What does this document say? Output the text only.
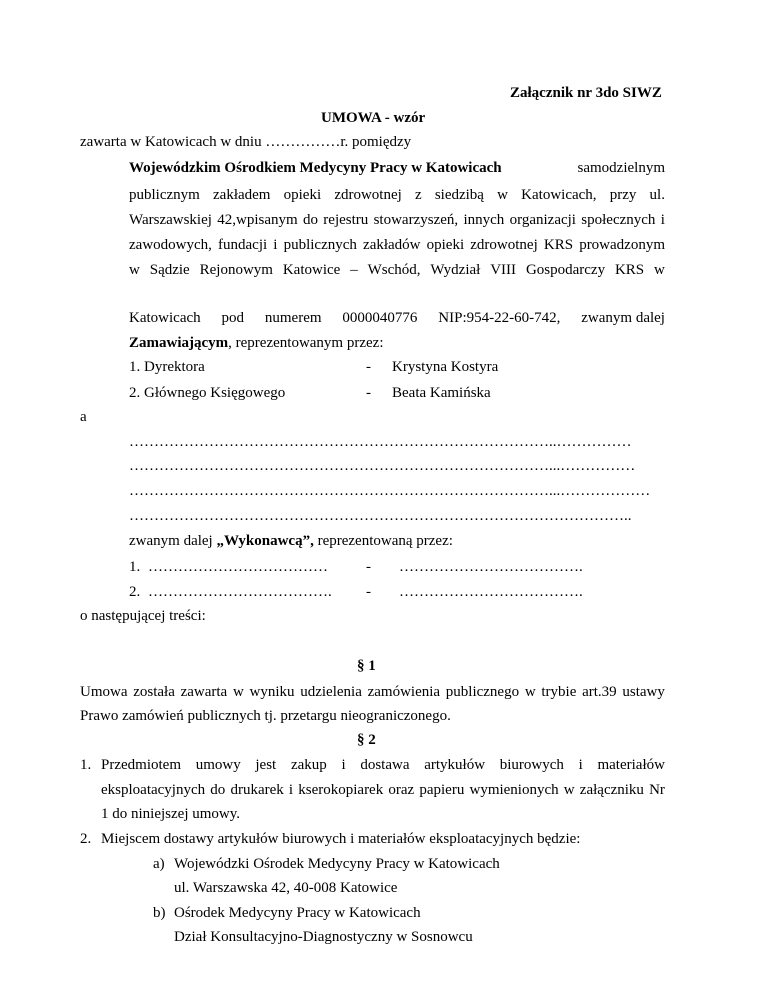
Załącznik nr 3do SIWZ
UMOWA - wzór
zawarta w Katowicach w dniu ……………r. pomiędzy
Wojewódzkim Ośrodkiem Medycyny Pracy w Katowicach	samodzielnym
publicznym zakładem opieki zdrowotnej z siedzibą w Katowicach, przy ul.
Warszawskiej 42,wpisanym do rejestru stowarzyszeń, innych organizacji społecznych i
zawodowych, fundacji i publicznych zakładów opieki zdrowotnej KRS prowadzonym
w Sądzie Rejonowym Katowice – Wschód, Wydział VIII Gospodarczy KRS w
Katowicach pod numerem 0000040776 NIP:954-22-60-742, zwanym dalej
Zamawiającym, reprezentowanym przez:
1. Dyrektora	- Krystyna Kostyra
2. Głównego Księgowego	- Beata Kamińska
a
…………………………………………………………………………..……………
…………………………………………………………………………...……………
…………………………………………………………………………...………………
………………………………………………………………………………………..
zwanym dalej „Wykonawcą”, reprezentowaną przez:
1. ………………………………	- ……………………………….
2. ……………………………….	- ……………………………….
o następującej treści:
§ 1
Umowa została zawarta w wyniku udzielenia zamówienia publicznego w trybie art.39 ustawy
Prawo zamówień publicznych tj. przetargu nieograniczonego.
§ 2
1. Przedmiotem umowy jest zakup i dostawa artykułów biurowych i materiałów
eksploatacyjnych do drukarek i kserokopiarek oraz papieru wymienionych w załączniku Nr
1 do niniejszej umowy.
2. Miejscem dostawy artykułów biurowych i materiałów eksploatacyjnych będzie:
a) Wojewódzki Ośrodek Medycyny Pracy w Katowicach
ul. Warszawska 42, 40-008 Katowice
b) Ośrodek Medycyny Pracy w Katowicach
Dział Konsultacyjno-Diagnostyczny w Sosnowcu
